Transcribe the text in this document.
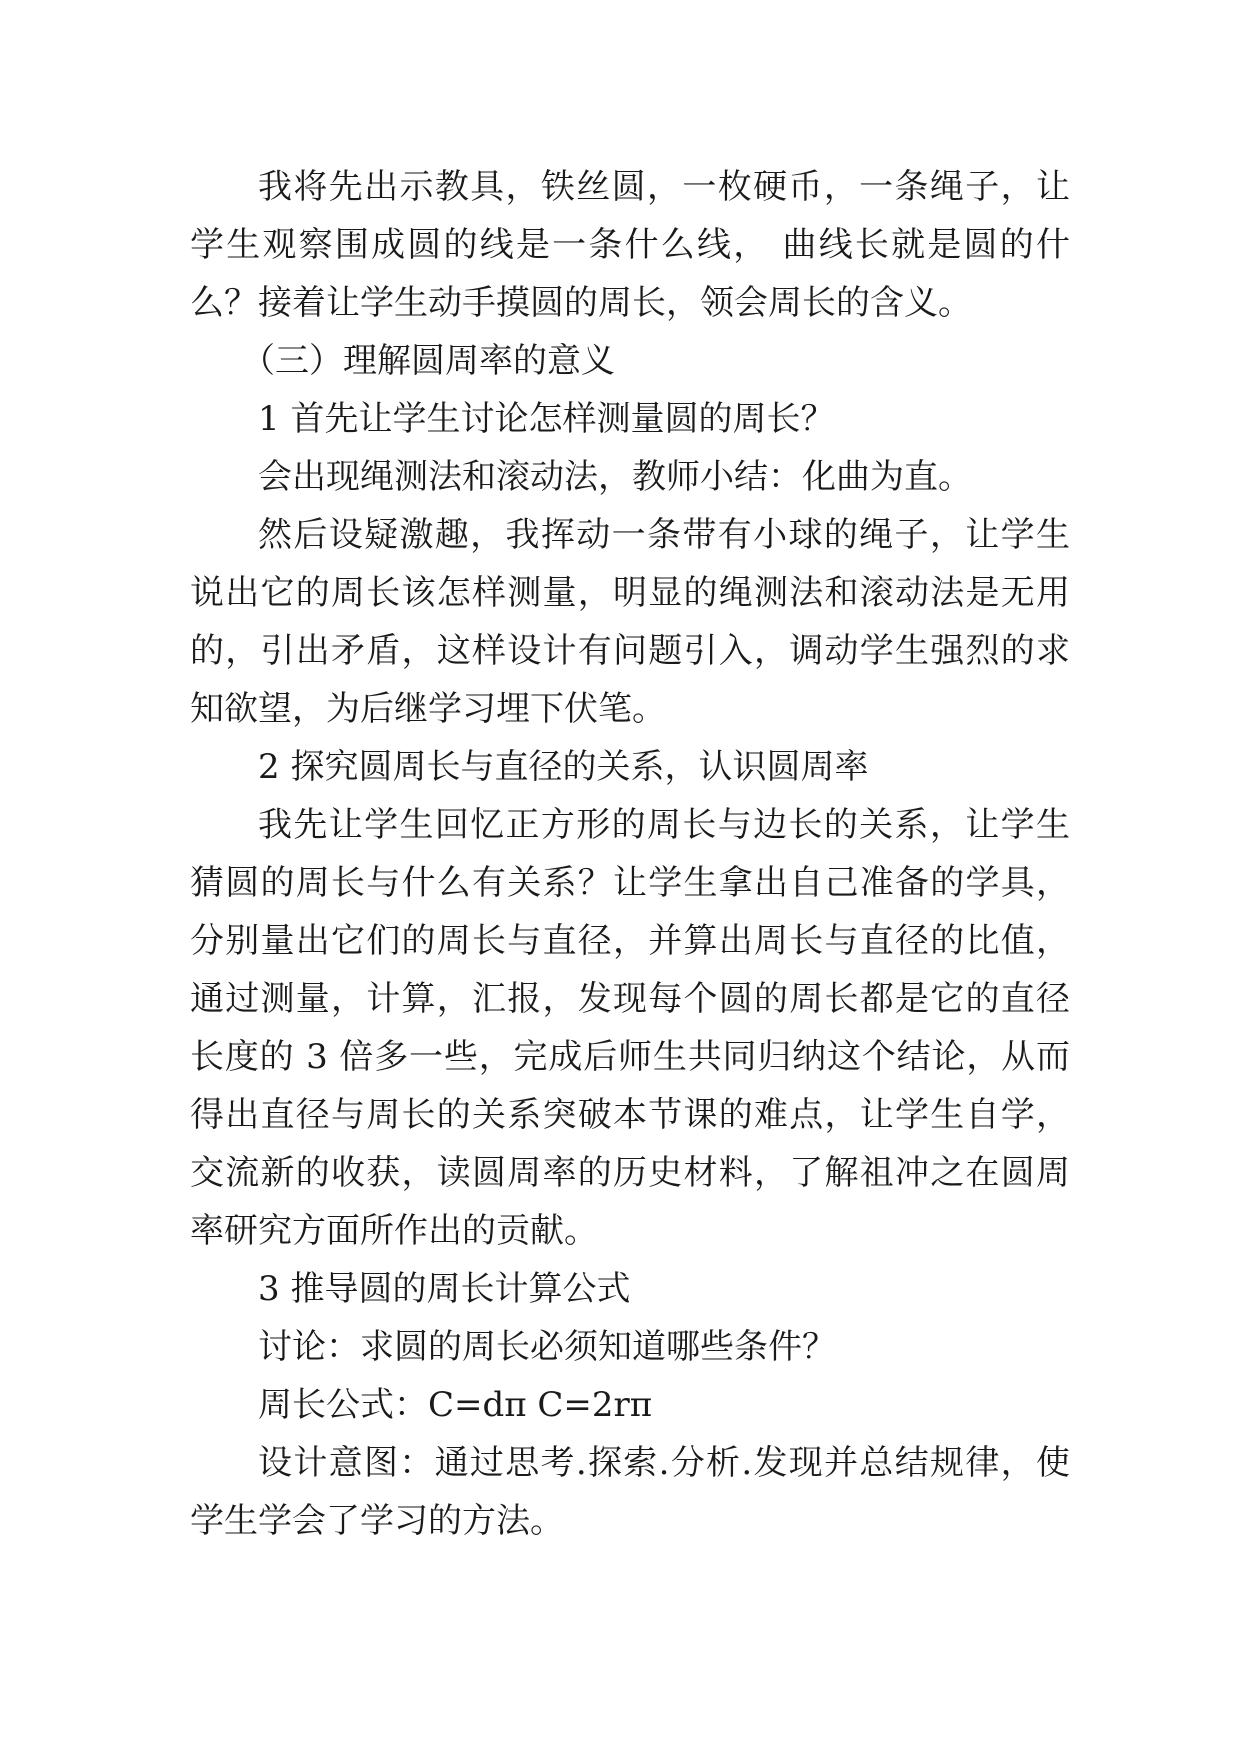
我将先出示教具，铁丝圆，一枚硬币，一条绳子，让学生观察围成圆的线是一条什么线， 曲线长就是圆的什么？接着让学生动手摸圆的周长，领会周长的含义。

（三）理解圆周率的意义

1 首先让学生讨论怎样测量圆的周长？

会出现绳测法和滚动法，教师小结：化曲为直。

然后设疑激趣，我挥动一条带有小球的绳子，让学生说出它的周长该怎样测量，明显的绳测法和滚动法是无用的，引出矛盾，这样设计有问题引入，调动学生强烈的求知欲望，为后继学习埋下伏笔。

2 探究圆周长与直径的关系，认识圆周率

我先让学生回忆正方形的周长与边长的关系，让学生猜圆的周长与什么有关系？让学生拿出自己准备的学具，分别量出它们的周长与直径，并算出周长与直径的比值，通过测量，计算，汇报，发现每个圆的周长都是它的直径长度的 3 倍多一些，完成后师生共同归纳这个结论，从而得出直径与周长的关系突破本节课的难点，让学生自学，交流新的收获，读圆周率的历史材料，了解祖冲之在圆周率研究方面所作出的贡献。

3 推导圆的周长计算公式

讨论：求圆的周长必须知道哪些条件？

周长公式：C=dπ C=2rπ

设计意图：通过思考.探索.分析.发现并总结规律，使学生学会了学习的方法。
